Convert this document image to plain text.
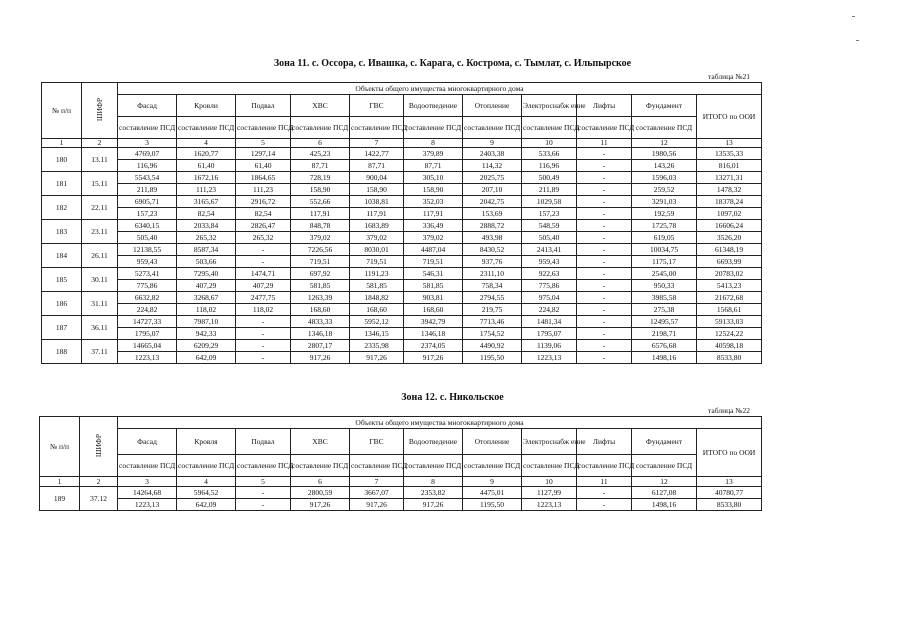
Зона 11. с. Оссора, с. Ивашка, с. Карага, с. Кострома, с. Тымлат, с. Ильпырское
таблица №21
№ п/п	ШИФР	Объекты общего имущества многоквартирного дома										
		Фасад	Кровли	Подвал	ХВС	ГВС	Водоотведение	Отопление	Электроснабж ение	Лифты	Фундамент	ИТОГО по ООИ
		составление ПСД	составление ПСД	составление ПСД	составление ПСД	составление ПСД	составление ПСД	составление ПСД	составление ПСД	составление ПСД	составление ПСД	
1	2	3	4	5	6	7	8	9	10	11	12	13
180	13.11	4769,07	1620,77	1297,14	425,23	1422,77	379,89	2403,38	533,66	-	1980,56	13535,33
		116,96	61,40	61,40	87,71	87,71	87,71	114,32	116,96	-	143,26	816,01
181	15.11	5543,54	1672,16	1864,65	728,19	900,04	305,10	2025,75	500,49	-	1596,03	13271,31
		211,89	111,23	111,23	158,90	158,90	158,90	207,10	211,89	-	259,52	1478,32
182	22.11	6905,71	3165,67	2916,72	552,66	1038,81	352,03	2042,75	1029,58	-	3291,03	18378,24
		157,23	82,54	82,54	117,91	117,91	117,91	153,69	157,23	-	192,59	1097,02
183	23.11	6340,15	2033,84	2826,47	848,78	1683,89	336,49	2888,72	548,59	-	1725,78	16606,24
		505,40	265,32	265,32	379,02	379,02	379,02	493,98	505,40	-	619,05	3526,20
184	26.11	12138,55	8587,34	-	7226,56	8030,01	4487,04	8430,52	2413,41	-	10034,75	61348,19
		959,43	503,66	-	719,51	719,51	719,51	937,76	959,43	-	1175,17	6693,99
185	30.11	5273,41	7295,40	1474,71	697,92	1191,23	546,31	2311,10	922,63	-	2545,00	20783,02
		775,86	407,29	407,29	581,85	581,85	581,85	758,34	775,86	-	950,33	5413,23
186	31.11	6632,82	3268,67	2477,75	1263,39	1848,82	903,81	2794,55	975,04	-	3985,58	21672,68
		224,82	118,02	118,02	168,60	168,60	168,60	219,75	224,82	-	275,38	1568,61
187	36.11	14727,33	7987,10	-	4833,33	5952,12	3942,79	7713,46	1481,34	-	12495,57	59133,03
		1795,07	942,33	-	1346,18	1346,15	1346,18	1754,52	1795,07	-	2198,71	12524,22
188	37.11	14665,04	6209,29	-	2807,17	2335,98	2374,05	4490,92	1139,06	-	6576,68	40598,18
		1223,13	642,09	-	917,26	917,26	917,26	1195,50	1223,13	-	1498,16	8533,80
Зона 12. с. Никольское
таблица №22
№ п/п	ШИФР	Объекты общего имущества многоквартирного дома										
		Фасад	Кровля	Подвал	ХВС	ГВС	Водоотведение	Отопление	Электроснабж ение	Лифты	Фундамент	ИТОГО по ООИ
		составление ПСД	составление ПСД	составление ПСД	составление ПСД	составление ПСД	составление ПСД	составление ПСД	составление ПСД	составление ПСД	составление ПСД	
1	2	3	4	5	6	7	8	9	10	11	12	13
189	37.12	14264,68	5964,52	-	2800,59	3667,07	2353,82	4475,01	1127,99	-	6127,08	40780,77
		1223,13	642,09	-	917,26	917,26	917,26	1195,50	1223,13	-	1498,16	8533,80
